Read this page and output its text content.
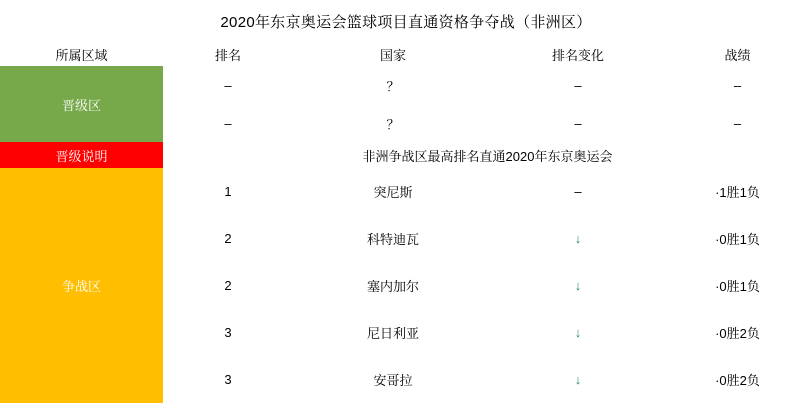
2020年东京奥运会篮球项目直通资格争夺战（非洲区）
所属区域	排名	国家	排名变化	战绩
晋级区	–	？	–	–
	–	？	–	–
晋级说明	非洲争战区最高排名直通2020年东京奥运会			
争战区	1	突尼斯	–	·1胜1负
	2	科特迪瓦	↓	·0胜1负
	2	塞内加尔	↓	·0胜1负
	3	尼日利亚	↓	·0胜2负
	3	安哥拉	↓	·0胜2负
